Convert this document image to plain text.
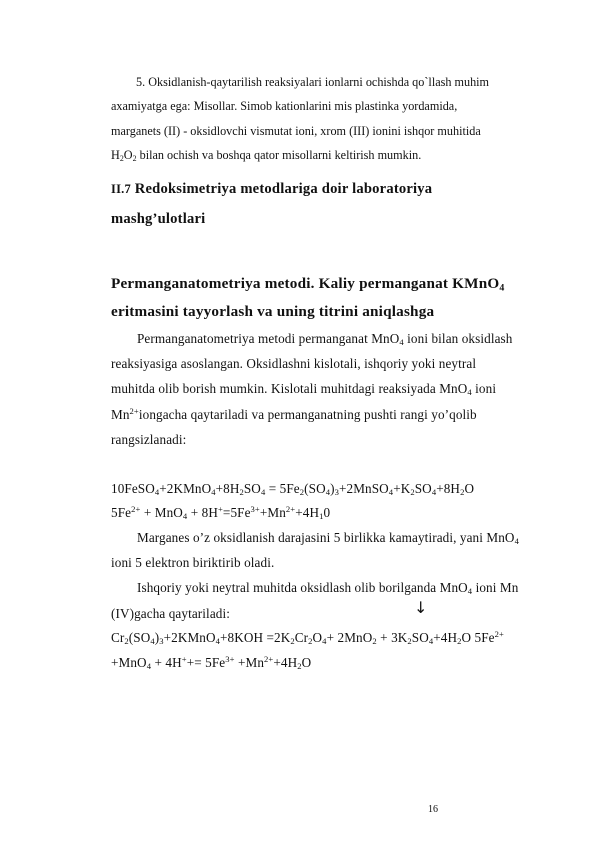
5. Oksidlanish-qaytarilish reaksiyalari ionlarni ochishda qo`llash muhim
axamiyatga ega: Misollar. Simob kationlarini mis plastinka yordamida,
marganets (II) - oksidlovchi vismutat ioni, xrom (III) ionini ishqor muhitida
$H_2O_2$ bilan ochish va boshqa qator misollarni keltirish mumkin.
II.7 Redoksimetriya metodlariga doir laboratoriya
mashg’ulotlari
Permanganatometriya metodi. Kaliy permanganat KMnO$_4$
eritmasini tayyorlash va uning titrini aniqlashga
Permanganatometriya metodi permanganat MnO$_4$ ioni bilan oksidlash
reaksiyasiga asoslangan. Oksidlashni kislotali, ishqoriy yoki neytral
muhitda olib borish mumkin. Kislotali muhitdagi reaksiyada MnO$_4$ ioni
$Mn^{2+}iongacha$ qaytariladi va permanganatning pushti rangi yo’qolib
rangsizlanadi:
$10FeSO_4+2KMnO_4+8H_2SO_4$ = $5Fe_2(SO_4)_3+2MnSO_4+K_2SO_4+8H_2O$
$5Fe^{2+} + MnO_4 + 8H^+=5Fe^{3+}+Mn^{2+}+4H_10$
Marganes o’z oksidlanish darajasini 5 birlikka kamaytiradi, yani MnO$_4$
ioni 5 elektron biriktirib oladi.
Ishqoriy yoki neytral muhitda oksidlash olib borilganda MnO$_4$ ioni Mn
(IV)gacha qaytariladi:	↓
$Cr_2(SO_4)_3+2KMnO_4+8KOH =2K_2Cr_2O_4+ 2MnO_2 + 3K_2SO_4+4H_2O$ $5Fe^{2+}$
$+MnO_4 + 4H^++= 5Fe^{3+} +Mn^{2+}+4H_2O$
16
